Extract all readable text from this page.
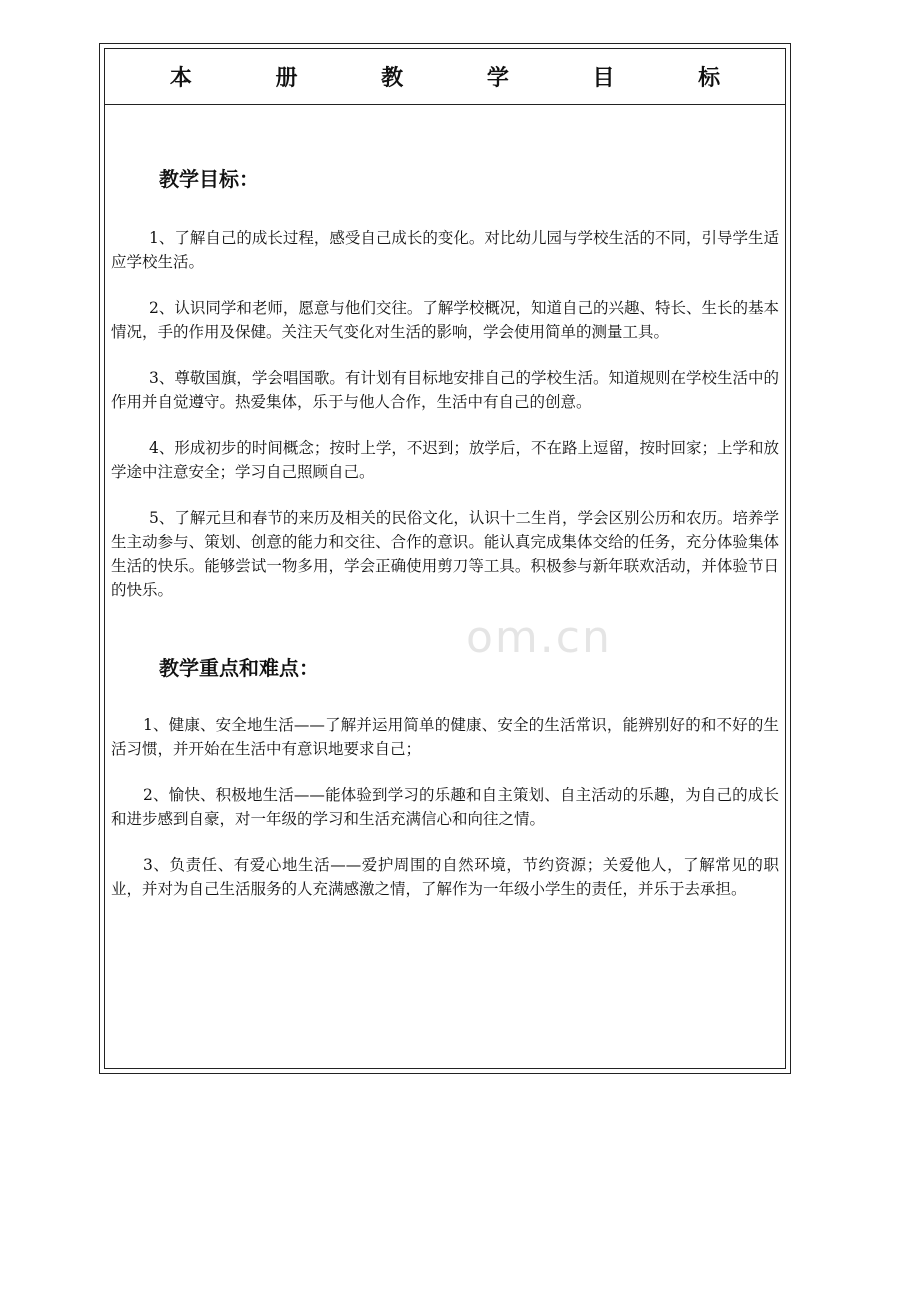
本 册 教 学 目 标
教学目标：

1、了解自己的成长过程，感受自己成长的变化。对比幼儿园与学校生活的不同，引导学生适应学校生活。

2、认识同学和老师，愿意与他们交往。了解学校概况，知道自己的兴趣、特长、生长的基本情况，手的作用及保健。关注天气变化对生活的影响，学会使用简单的测量工具。

3、尊敬国旗，学会唱国歌。有计划有目标地安排自己的学校生活。知道规则在学校生活中的作用并自觉遵守。热爱集体，乐于与他人合作，生活中有自己的创意。

4、形成初步的时间概念；按时上学，不迟到；放学后，不在路上逗留，按时回家；上学和放学途中注意安全；学习自己照顾自己。

5、了解元旦和春节的来历及相关的民俗文化，认识十二生肖，学会区别公历和农历。培养学生主动参与、策划、创意的能力和交往、合作的意识。能认真完成集体交给的任务，充分体验集体生活的快乐。能够尝试一物多用，学会正确使用剪刀等工具。积极参与新年联欢活动，并体验节日的快乐。

教学重点和难点：

1、健康、安全地生活——了解并运用简单的健康、安全的生活常识，能辨别好的和不好的生活习惯，并开始在生活中有意识地要求自己；

2、愉快、积极地生活——能体验到学习的乐趣和自主策划、自主活动的乐趣，为自己的成长和进步感到自豪，对一年级的学习和生活充满信心和向往之情。

3、负责任、有爱心地生活——爱护周围的自然环境，节约资源；关爱他人，了解常见的职业，并对为自己生活服务的人充满感激之情，了解作为一年级小学生的责任，并乐于去承担。

om.cn
